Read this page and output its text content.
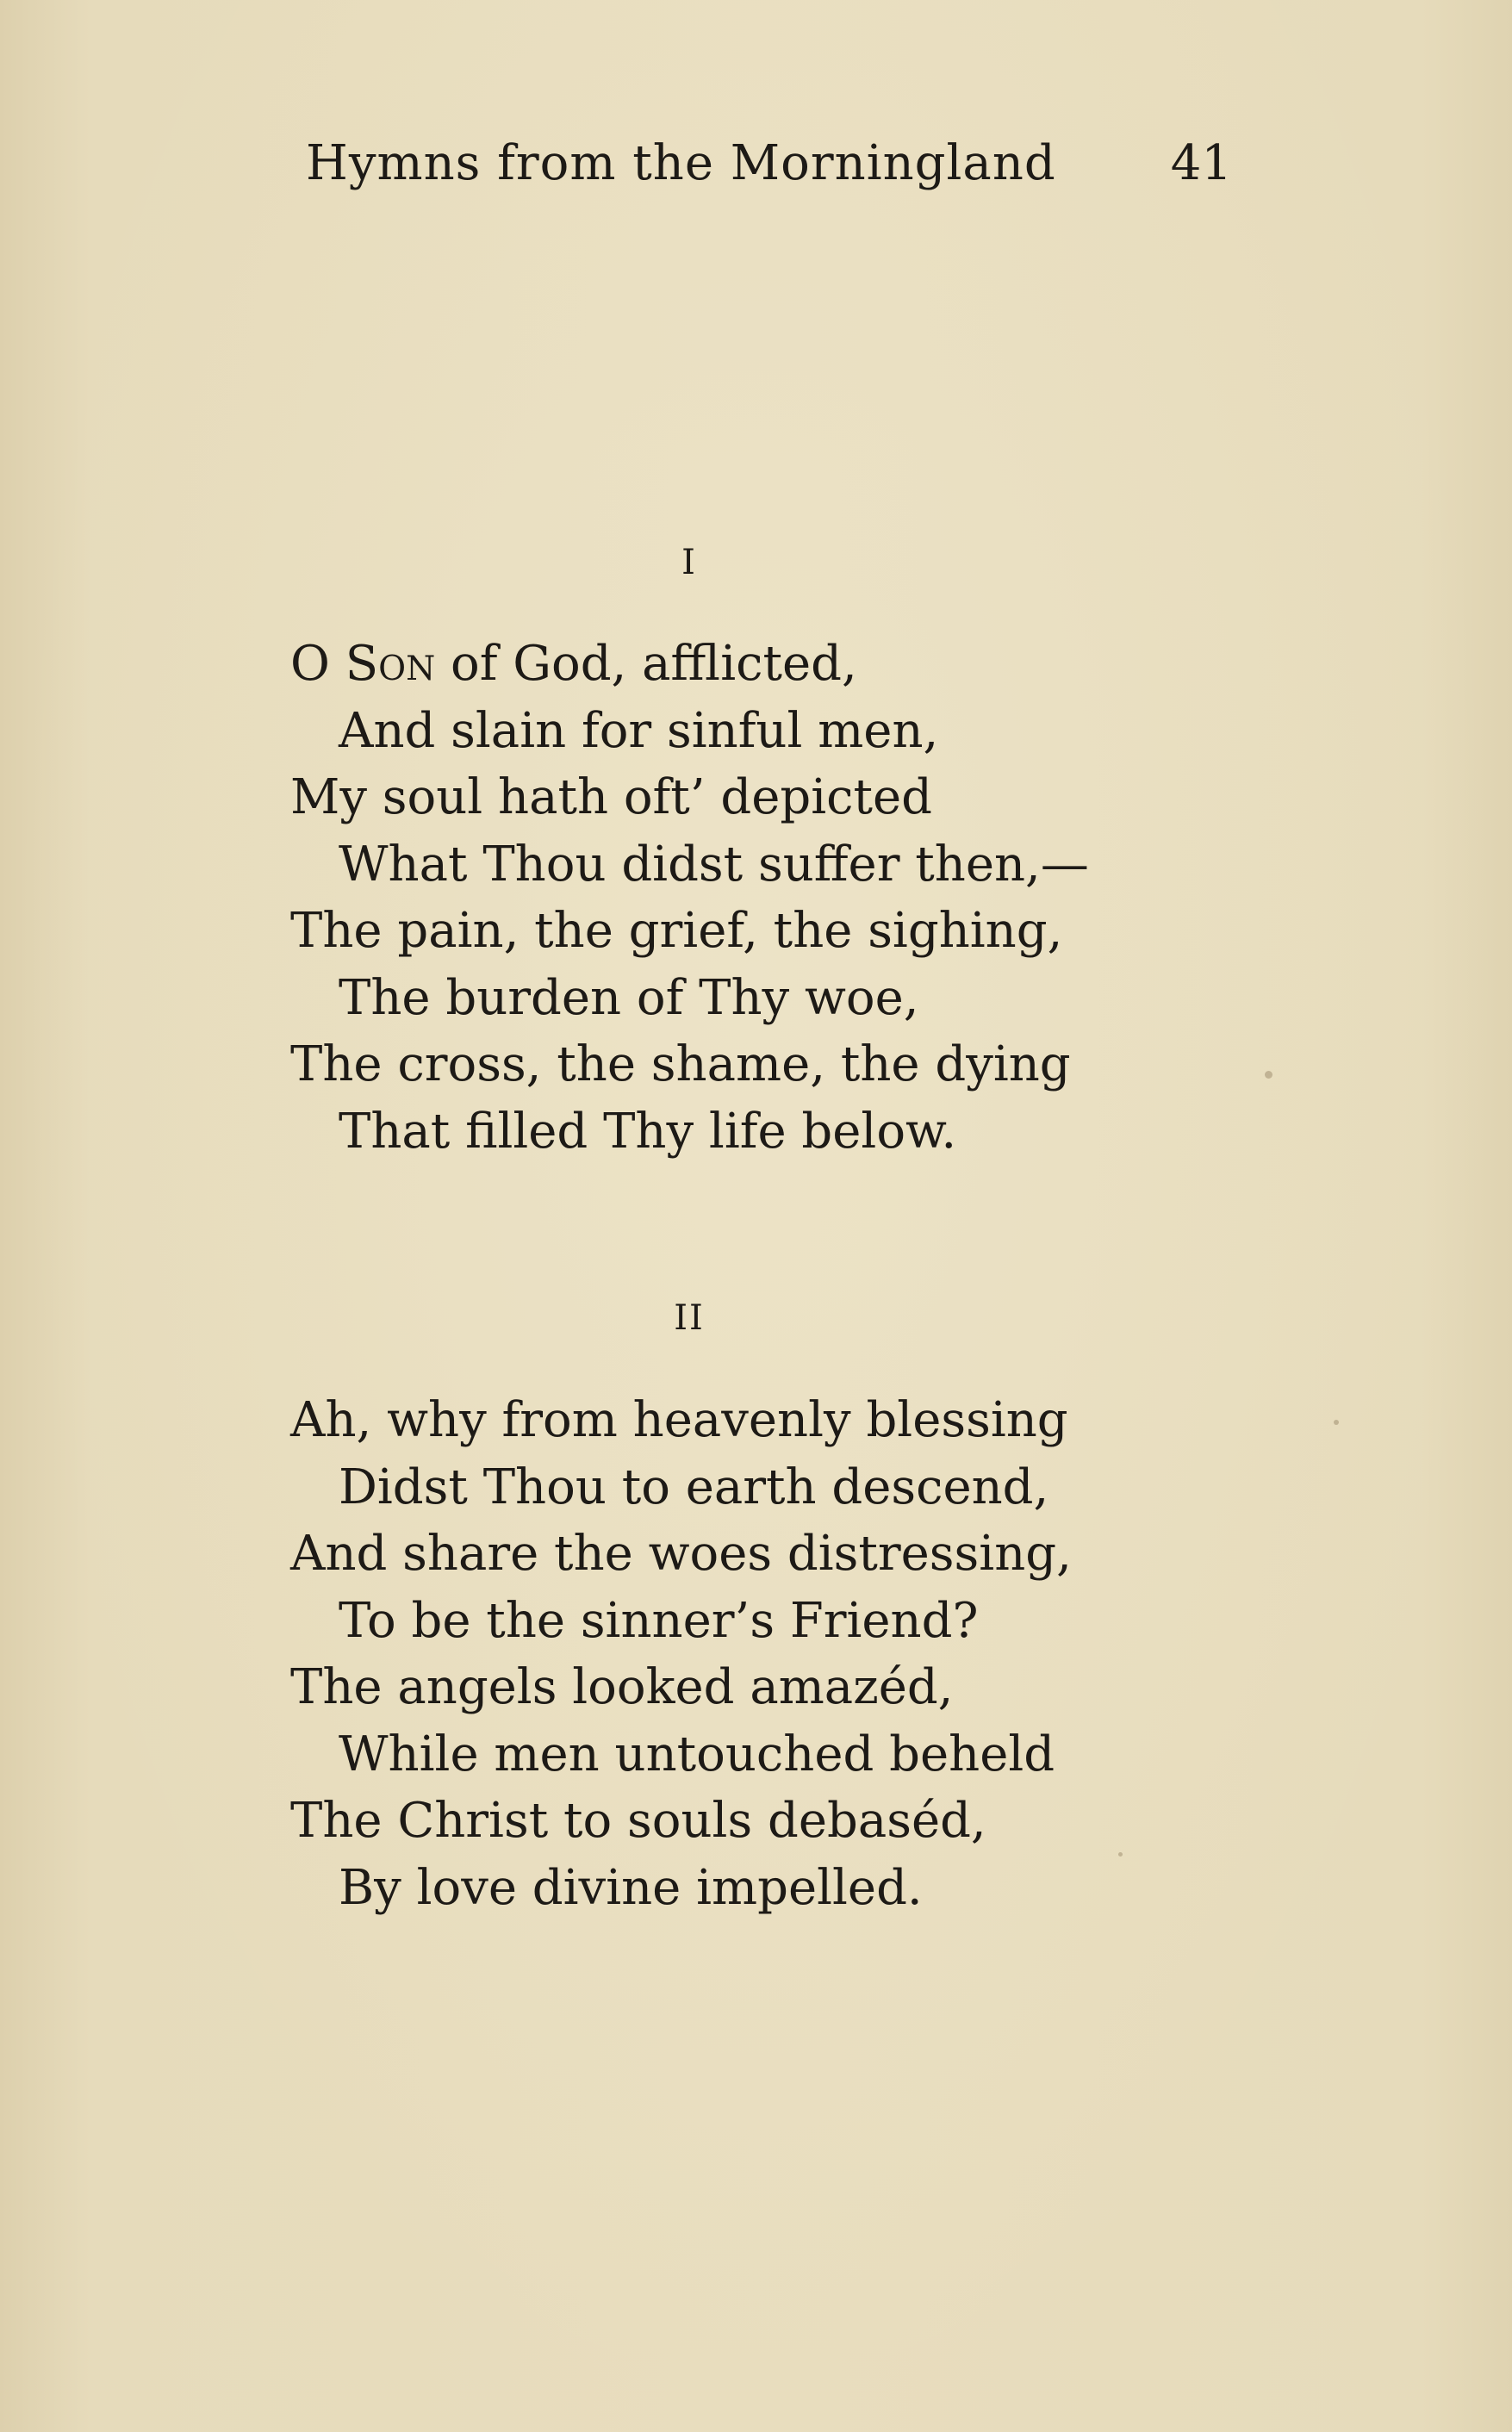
Hymns from the Morningland 41
I
O Son of God, afflicted,
And slain for sinful men,
My soul hath oft’ depicted
What Thou didst suffer then,—
The pain, the grief, the sighing,
The burden of Thy woe,
The cross, the shame, the dying
That filled Thy life below.
II
Ah, why from heavenly blessing
Didst Thou to earth descend,
And share the woes distressing,
To be the sinner’s Friend?
The angels looked amazéd,
While men untouched beheld
The Christ to souls debaséd,
By love divine impelled.
